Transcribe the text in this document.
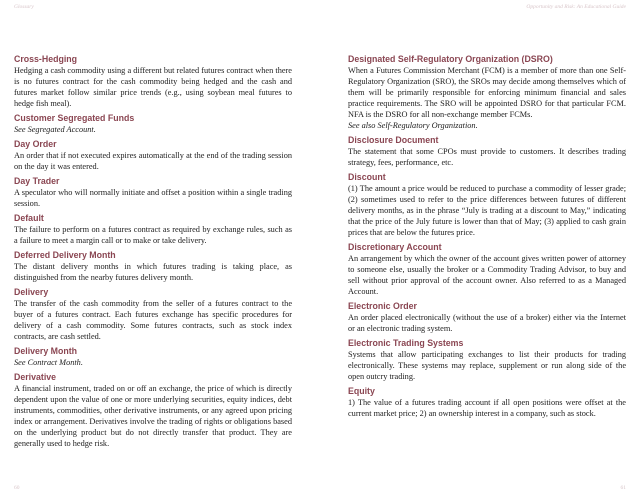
Glossary	Opportunity and Risk: An Educational Guide

Cross-Hedging

Hedging a cash commodity using a different but related futures contract when there is no futures contract for the cash commodity being hedged and the cash and futures market follow similar price trends (e.g., using soybean meal futures to hedge fish meal).

Customer Segregated Funds

See Segregated Account.

Day Order

An order that if not executed expires automatically at the end of the trading session on the day it was entered.

Day Trader

A speculator who will normally initiate and offset a position within a single trading session.

Default

The failure to perform on a futures contract as required by exchange rules, such as a failure to meet a margin call or to make or take delivery.

Deferred Delivery Month

The distant delivery months in which futures trading is taking place, as distinguished from the nearby futures delivery month.

Delivery

The transfer of the cash commodity from the seller of a futures contract to the buyer of a futures contract. Each futures exchange has specific procedures for delivery of a cash commodity. Some futures contracts, such as stock index contracts, are cash settled.

Delivery Month

See Contract Month.

Derivative

A financial instrument, traded on or off an exchange, the price of which is directly dependent upon the value of one or more underlying securities, equity indices, debt instruments, commodities, other derivative instruments, or any agreed upon pricing index or arrangement. Derivatives involve the trading of rights or obligations based on the underlying product but do not directly transfer that product. They are generally used to hedge risk.

Designated Self-Regulatory Organization (DSRO)

When a Futures Commission Merchant (FCM) is a member of more than one Self-Regulatory Organization (SRO), the SROs may decide among themselves which of them will be primarily responsible for enforcing minimum financial and sales practice requirements. The SRO will be appointed DSRO for that particular FCM. NFA is the DSRO for all non-exchange member FCMs.

See also Self-Regulatory Organization.

Disclosure Document

The statement that some CPOs must provide to customers. It describes trading strategy, fees, performance, etc.

Discount

(1) The amount a price would be reduced to purchase a commodity of lesser grade; (2) sometimes used to refer to the price differences between futures of different delivery months, as in the phrase “July is trading at a discount to May,” indicating that the price of the July future is lower than that of May; (3) applied to cash grain prices that are below the futures price.

Discretionary Account

An arrangement by which the owner of the account gives written power of attorney to someone else, usually the broker or a Commodity Trading Advisor, to buy and sell without prior approval of the account owner. Also referred to as a Managed Account.

Electronic Order

An order placed electronically (without the use of a broker) either via the Internet or an electronic trading system.

Electronic Trading Systems

Systems that allow participating exchanges to list their products for trading electronically. These systems may replace, supplement or run along side of the open outcry trading.

Equity

1) The value of a futures trading account if all open positions were offset at the current market price; 2) an ownership interest in a company, such as stock.

60	61
